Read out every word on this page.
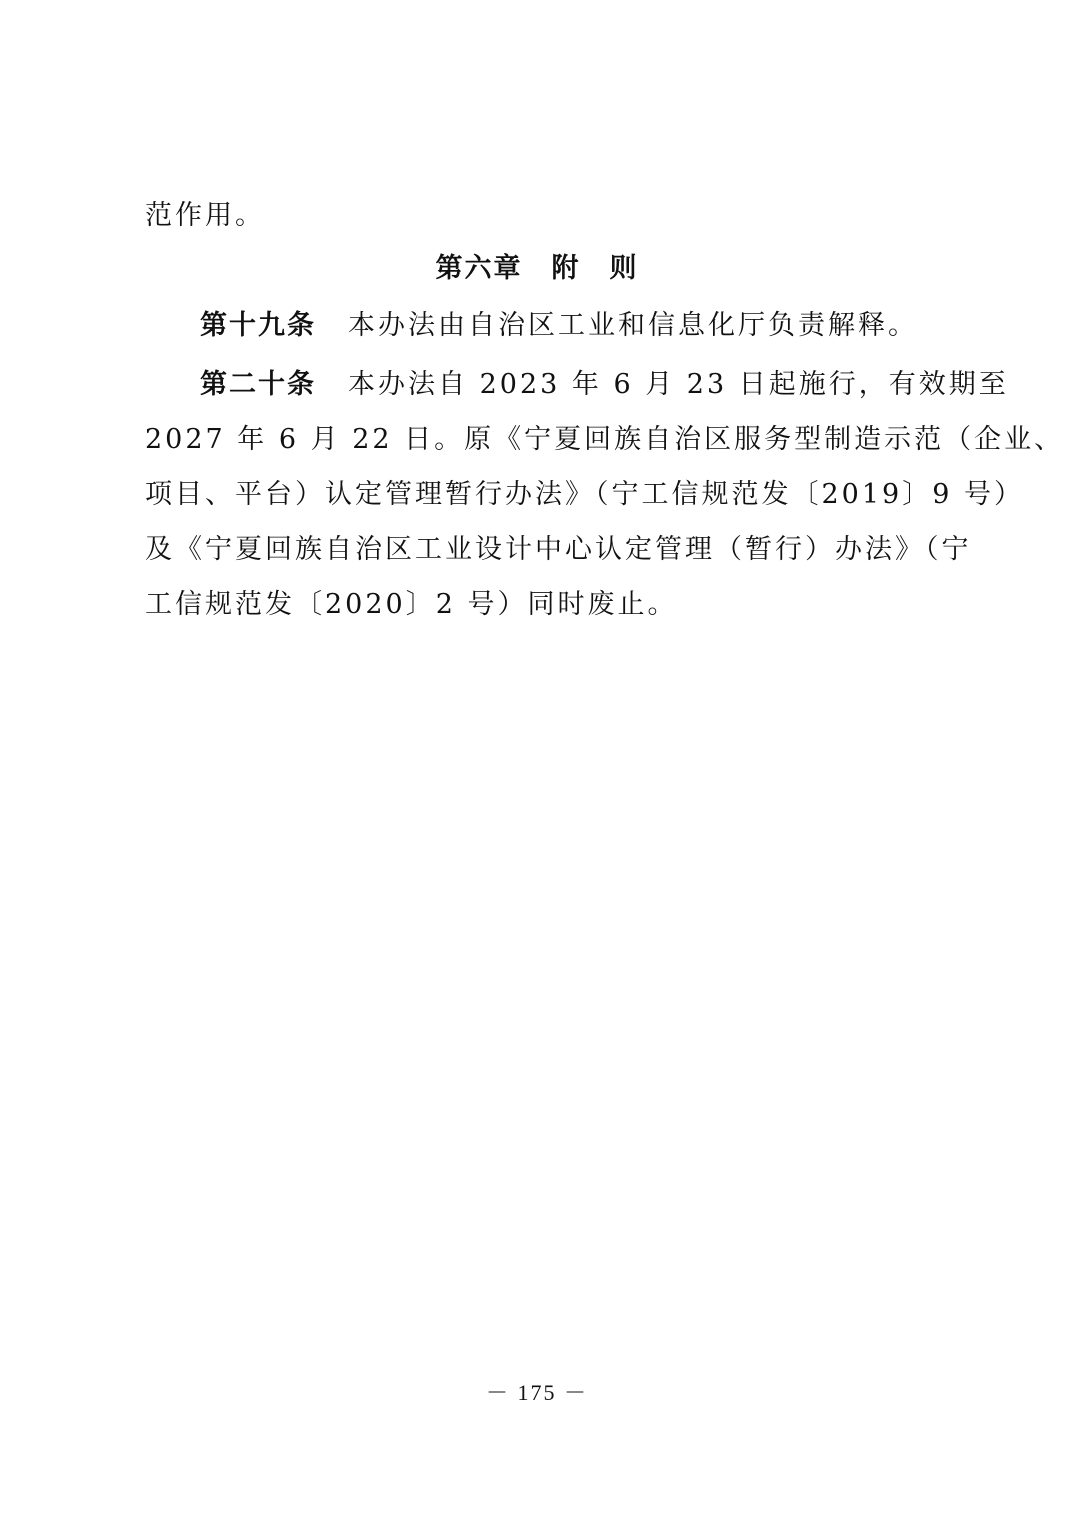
范作用。
第六章　附　则
第十九条 本办法由自治区工业和信息化厅负责解释。
第二十条 本办法自 2023 年 6 月 23 日起施行，有效期至
2027 年 6 月 22 日。原《宁夏回族自治区服务型制造示范（企业、
项目、平台）认定管理暂行办法》（宁工信规范发〔2019〕9 号）
及《宁夏回族自治区工业设计中心认定管理（暂行）办法》（宁
工信规范发〔2020〕2 号）同时废止。
－ 175 －
